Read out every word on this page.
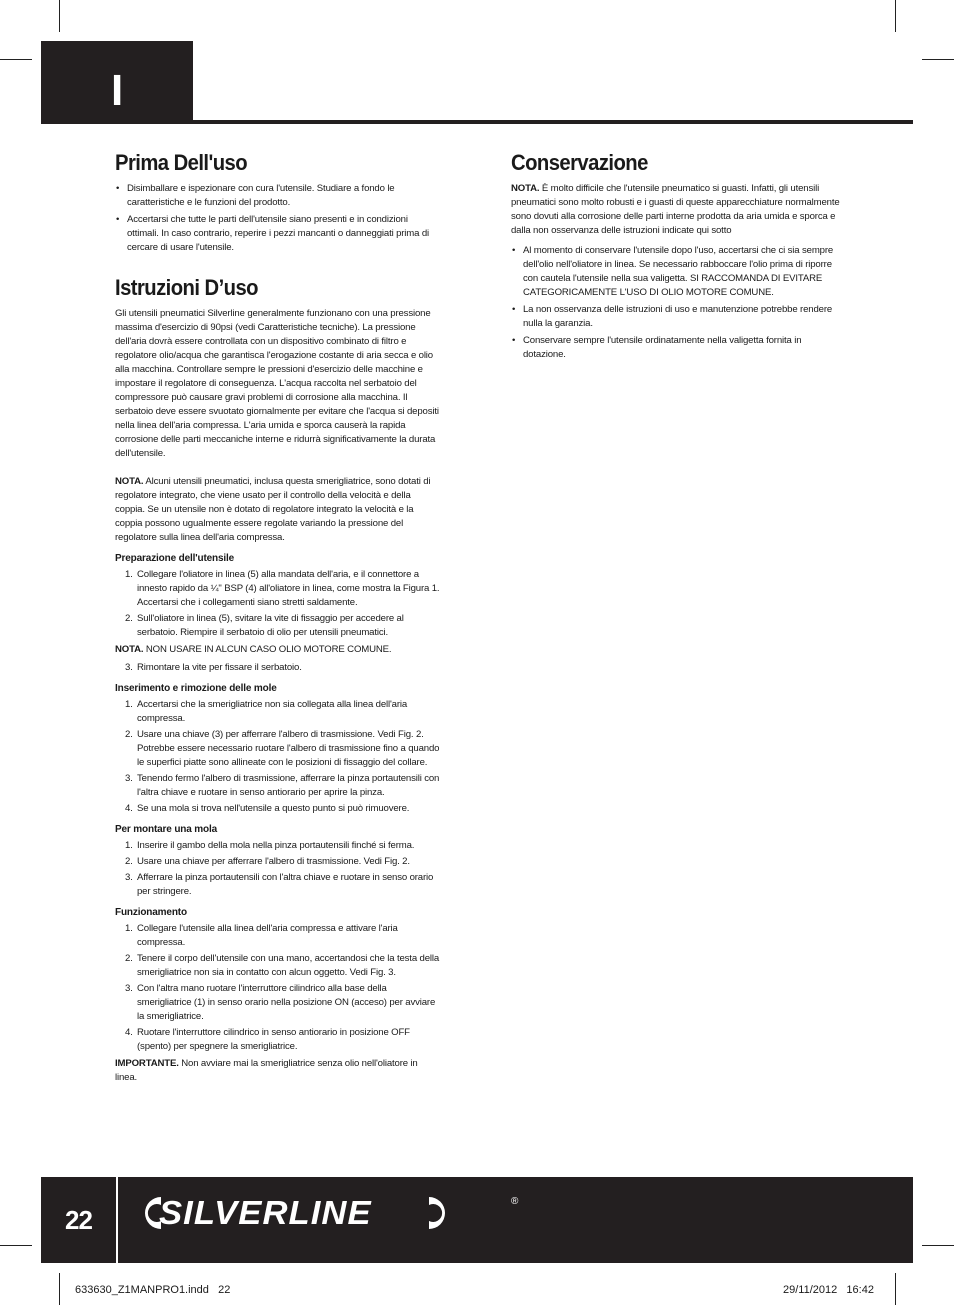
I
Prima Dell'uso
• Disimballare e ispezionare con cura l'utensile. Studiare a fondo le caratteristiche e le funzioni del prodotto.
• Accertarsi che tutte le parti dell'utensile siano presenti e in condizioni ottimali. In caso contrario, reperire i pezzi mancanti o danneggiati prima di cercare di usare l'utensile.
Istruzioni D’uso

Gli utensili pneumatici Silverline generalmente funzionano con una pressione massima d'esercizio di 90psi (vedi Caratteristiche tecniche). La pressione dell'aria dovrà essere controllata con un dispositivo combinato di filtro e regolatore olio/acqua che garantisca l'erogazione costante di aria secca e olio alla macchina. Controllare sempre le pressioni d'esercizio delle macchine e impostare il regolatore di conseguenza. L'acqua raccolta nel serbatoio del compressore può causare gravi problemi di corrosione alla macchina. Il serbatoio deve essere svuotato giornalmente per evitare che l'acqua si depositi nella linea dell'aria compressa. L'aria umida e sporca causerà la rapida corrosione delle parti meccaniche interne e ridurrà significativamente la durata dell'utensile.

NOTA. Alcuni utensili pneumatici, inclusa questa smerigliatrice, sono dotati di regolatore integrato, che viene usato per il controllo della velocità e della coppia. Se un utensile non è dotato di regolatore integrato la velocità e la coppia possono ugualmente essere regolate variando la pressione del regolatore sulla linea dell'aria compressa.

Preparazione dell'utensile
1. Collegare l'oliatore in linea (5) alla mandata dell'aria, e il connettore a innesto rapido da ¼" BSP (4) all'oliatore in linea, come mostra la Figura 1. Accertarsi che i collegamenti siano stretti saldamente.
2. Sull'oliatore in linea (5), svitare la vite di fissaggio per accedere al serbatoio. Riempire il serbatoio di olio per utensili pneumatici.

NOTA. NON USARE IN ALCUN CASO OLIO MOTORE COMUNE.

3. Rimontare la vite per fissare il serbatoio.
Inserimento e rimozione delle mole
1. Accertarsi che la smerigliatrice non sia collegata alla linea dell'aria compressa.
2. Usare una chiave (3) per afferrare l'albero di trasmissione. Vedi Fig. 2. Potrebbe essere necessario ruotare l'albero di trasmissione fino a quando le superfici piatte sono allineate con le posizioni di fissaggio del collare.
3. Tenendo fermo l'albero di trasmissione, afferrare la pinza portautensili con l'altra chiave e ruotare in senso antiorario per aprire la pinza.
4. Se una mola si trova nell'utensile a questo punto si può rimuovere.
Per montare una mola
1. Inserire il gambo della mola nella pinza portautensili finché si ferma.
2. Usare una chiave per afferrare l'albero di trasmissione. Vedi Fig. 2.
3. Afferrare la pinza portautensili con l'altra chiave e ruotare in senso orario per stringere.
Funzionamento
1. Collegare l'utensile alla linea dell'aria compressa e attivare l'aria compressa.
2. Tenere il corpo dell'utensile con una mano, accertandosi che la testa della smerigliatrice non sia in contatto con alcun oggetto. Vedi Fig. 3.
3. Con l'altra mano ruotare l'interruttore cilindrico alla base della smerigliatrice (1) in senso orario nella posizione ON (acceso) per avviare la smerigliatrice.
4. Ruotare l'interruttore cilindrico in senso antiorario in posizione OFF (spento) per spegnere la smerigliatrice.

IMPORTANTE. Non avviare mai la smerigliatrice senza olio nell'oliatore in linea.

Conservazione

NOTA. È molto difficile che l'utensile pneumatico si guasti. Infatti, gli utensili pneumatici sono molto robusti e i guasti di queste apparecchiature normalmente sono dovuti alla corrosione delle parti interne prodotta da aria umida e sporca e dalla non osservanza delle istruzioni indicate qui sotto

• Al momento di conservare l'utensile dopo l'uso, accertarsi che ci sia sempre dell'olio nell'oliatore in linea. Se necessario rabboccare l'olio prima di riporre con cautela l'utensile nella sua valigetta. SI RACCOMANDA DI EVITARE CATEGORICAMENTE L'USO DI OLIO MOTORE COMUNE.
• La non osservanza delle istruzioni di uso e manutenzione potrebbe rendere nulla la garanzia.
• Conservare sempre l'utensile ordinatamente nella valigetta fornita in dotazione.
22	SILVERLINE	®
633630_Z1MANPRO1.indd   22	29/11/2012   16:42
